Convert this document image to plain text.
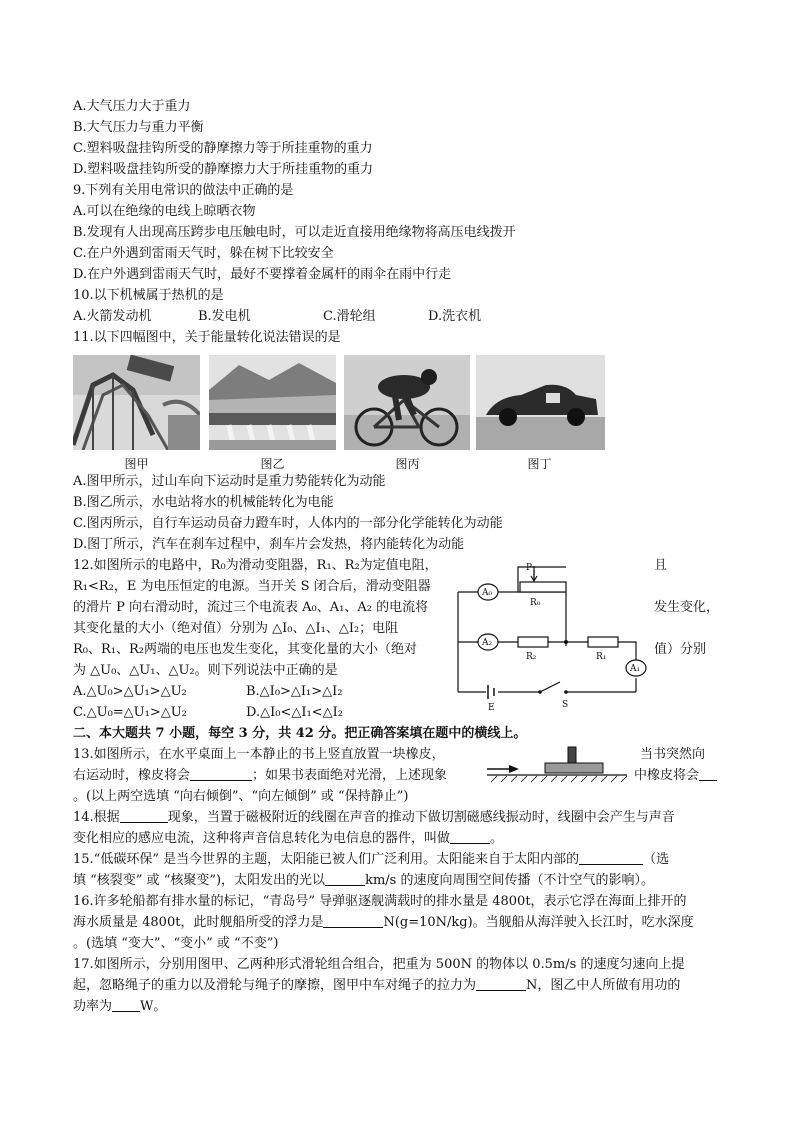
A.大气压力大于重力
B.大气压力与重力平衡
C.塑料吸盘挂钩所受的静摩擦力等于所挂重物的重力
D.塑料吸盘挂钩所受的静摩擦力大于所挂重物的重力
9.下列有关用电常识的做法中正确的是
A.可以在绝缘的电线上晾晒衣物
B.发现有人出现高压跨步电压触电时，可以走近直接用绝缘物将高压电线拨开
C.在户外遇到雷雨天气时，躲在树下比较安全
D.在户外遇到雷雨天气时，最好不要撑着金属杆的雨伞在雨中行走
10.以下机械属于热机的是
A.火箭发动机	B.发电机	C.滑轮组	D.洗衣机
11.以下四幅图中，关于能量转化说法错误的是
图甲	图乙	图丙	图丁
A.图甲所示，过山车向下运动时是重力势能转化为动能
B.图乙所示，水电站将水的机械能转化为电能
C.图丙所示，自行车运动员奋力蹬车时，人体内的一部分化学能转化为动能
D.图丁所示，汽车在刹车过程中，刹车片会发热，将内能转化为动能
12.如图所示的电路中，R₀为滑动变阻器，R₁、R₂为定值电阻，	且
R₁<R₂，E 为电压恒定的电源。当开关 S 闭合后，滑动变阻器
的滑片 P 向右滑动时，流过三个电流表 A₀、A₁、A₂ 的电流将	发生变化，
其变化量的大小（绝对值）分别为 △I₀、△I₁、△I₂；电阻
R₀、R₁、R₂两端的电压也发生变化，其变化量的大小（绝对	值）分别
为 △U₀、△U₁、△U₂。则下列说法中正确的是
A.△U₀>△U₁>△U₂	B.△I₀>△I₁>△I₂
C.△U₀=△U₁>△U₂	D.△I₀<△I₁<△I₂
A₀
A₂
A₁
R₀
R₂	R₁
P
E	S
二、本大题共 7 小题，每空 3 分，共 42 分。把正确答案填在题中的横线上。
13.如图所示，在水平桌面上一本静止的书上竖直放置一块橡皮，	当书突然向
右运动时，橡皮将会	；如果书表面绝对光滑，上述现象	中橡皮将会
。(以上两空选填 “向右倾倒”、“向左倾倒” 或 “保持静止”)
14.根据	现象，当置于磁极附近的线圈在声音的推动下做切割磁感线振动时，线圈中会产生与声音
变化相应的感应电流，这种将声音信息转化为电信息的器件，叫做	。
15.“低碳环保” 是当今世界的主题，太阳能已被人们广泛利用。太阳能来自于太阳内部的	（选
填 “核裂变” 或 “核聚变”)，太阳发出的光以	km/s 的速度向周围空间传播（不计空气的影响）。
16.许多轮船都有排水量的标记，“青岛号” 导弹驱逐舰满载时的排水量是 4800t，表示它浮在海面上排开的
海水质量是 4800t，此时舰船所受的浮力是	N(g=10N/kg)。当舰船从海洋驶入长江时，吃水深度
。(选填 “变大”、“变小” 或 “不变”)
17.如图所示，分别用图甲、乙两种形式滑轮组合组合，把重为 500N 的物体以 0.5m/s 的速度匀速向上提
起，忽略绳子的重力以及滑轮与绳子的摩擦，图甲中车对绳子的拉力为	N，图乙中人所做有用功的
功率为 W。
